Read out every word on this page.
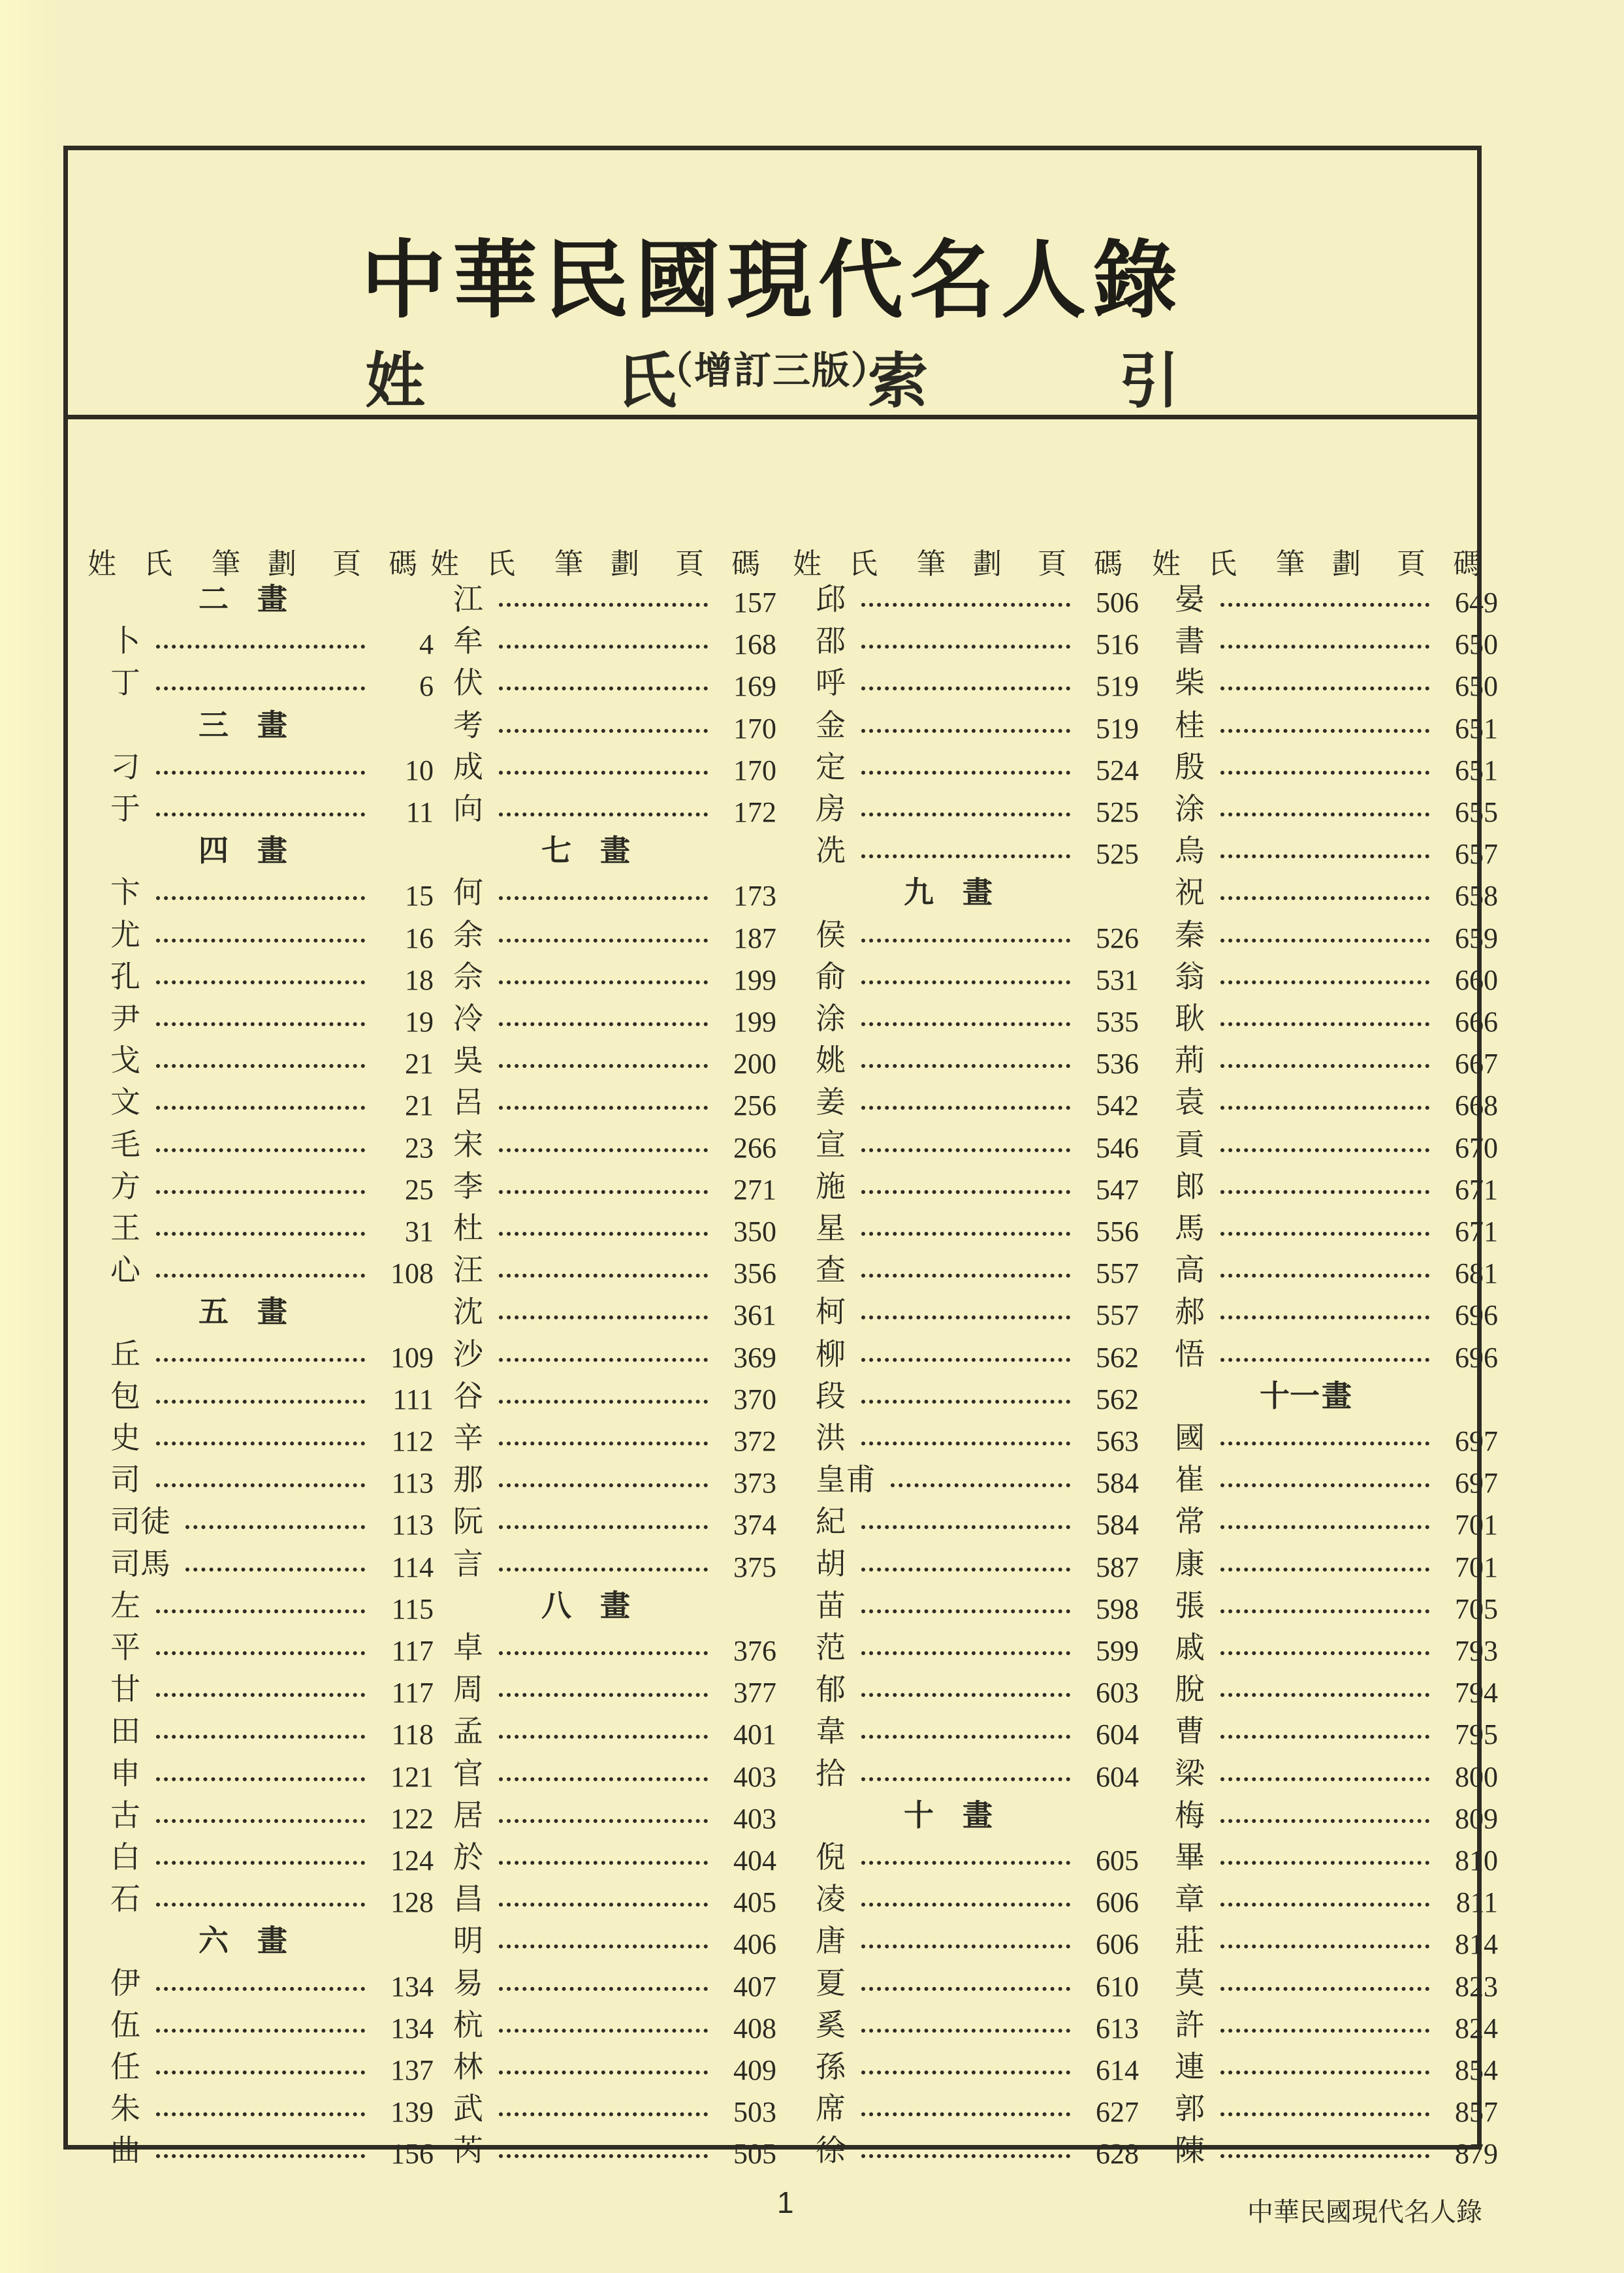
中華民國現代名人錄
（增訂三版）
姓	氏	索	引
姓 氏 筆 劃 頁 碼
二 畫
卜	4
丁	6
三 畫
刁	10
于	11
四 畫
卞	15
尤	16
孔	18
尹	19
戈	21
文	21
毛	23
方	25
王	31
心	108
五 畫
丘	109
包	111
史	112
司	113
司徒	113
司馬	114
左	115
平	117
甘	117
田	118
申	121
古	122
白	124
石	128
六 畫
伊	134
伍	134
任	137
朱	139
曲	156
姓 氏 筆 劃 頁 碼
江	157
牟	168
伏	169
考	170
成	170
向	172
七 畫
何	173
余	187
佘	199
冷	199
吳	200
呂	256
宋	266
李	271
杜	350
汪	356
沈	361
沙	369
谷	370
辛	372
那	373
阮	374
言	375
八 畫
卓	376
周	377
孟	401
官	403
居	403
於	404
昌	405
明	406
易	407
杭	408
林	409
武	503
芮	505
姓 氏 筆 劃 頁 碼
邱	506
邵	516
呼	519
金	519
定	524
房	525
冼	525
九 畫
侯	526
俞	531
涂	535
姚	536
姜	542
宣	546
施	547
星	556
查	557
柯	557
柳	562
段	562
洪	563
皇甫	584
紀	584
胡	587
苗	598
范	599
郁	603
韋	604
拾	604
十 畫
倪	605
凌	606
唐	606
夏	610
奚	613
孫	614
席	627
徐	628
姓 氏 筆 劃 頁 碼
晏	649
書	650
柴	650
桂	651
殷	651
涂	655
烏	657
祝	658
秦	659
翁	660
耿	666
荊	667
袁	668
貢	670
郎	671
馬	671
高	681
郝	696
悟	696
十一 畫
國	697
崔	697
常	701
康	701
張	705
戚	793
脫	794
曹	795
梁	800
梅	809
畢	810
章	811
莊	814
莫	823
許	824
連	854
郭	857
陳	879
1	中華民國現代名人錄
